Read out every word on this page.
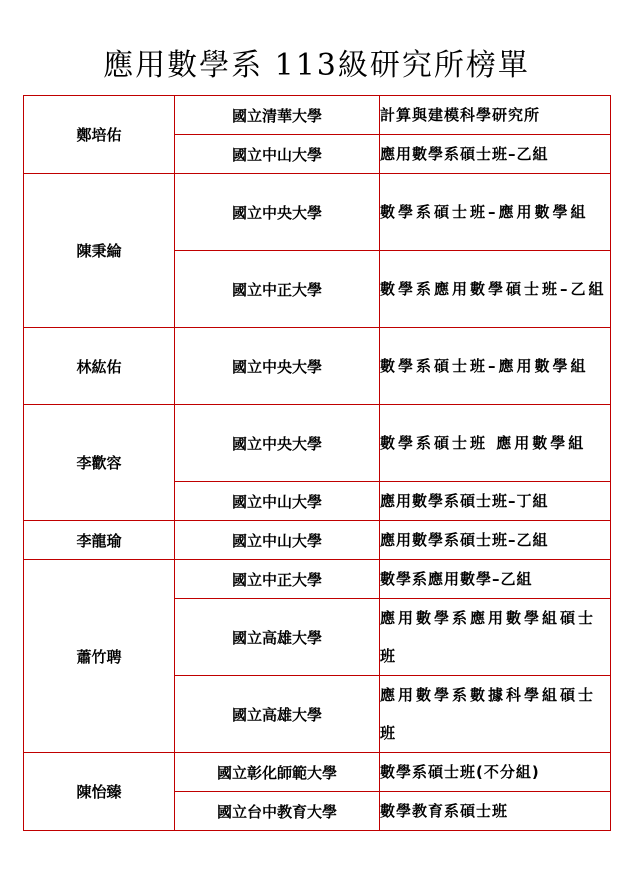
應用數學系 113級研究所榜單
鄭培佑	國立清華大學	計算與建模科學研究所
	國立中山大學	應用數學系碩士班–乙組
陳秉綸	國立中央大學	數學系碩士班–應用數學組
	國立中正大學	數學系應用數學碩士班–乙組
林紘佑	國立中央大學	數學系碩士班–應用數學組
李歡容	國立中央大學	數學系碩士班 應用數學組
	國立中山大學	應用數學系碩士班–丁組
李龍瑜	國立中山大學	應用數學系碩士班–乙組
蕭竹聘	國立中正大學	數學系應用數學–乙組
	國立高雄大學	應用數學系應用數學組碩士班
	國立高雄大學	應用數學系數據科學組碩士班
陳怡臻	國立彰化師範大學	數學系碩士班(不分組)
	國立台中教育大學	數學教育系碩士班
